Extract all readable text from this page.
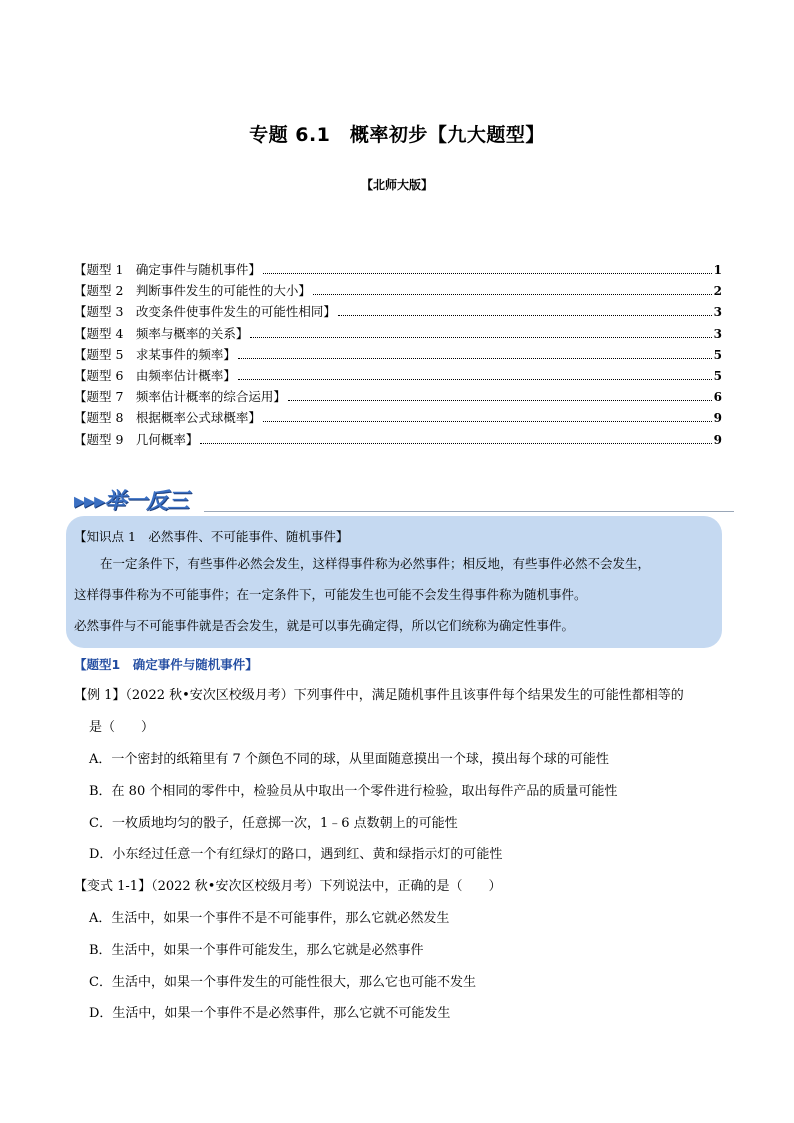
专题 6.1　概率初步【九大题型】
【北师大版】
【题型 1　确定事件与随机事件】	1
【题型 2　判断事件发生的可能性的大小】	2
【题型 3　改变条件使事件发生的可能性相同】	3
【题型 4　频率与概率的关系】	3
【题型 5　求某事件的频率】	5
【题型 6　由频率估计概率】	5
【题型 7　频率估计概率的综合运用】	6
【题型 8　根据概率公式球概率】	9
【题型 9　几何概率】	9
▸▸▸举一反三
【知识点 1　必然事件、不可能事件、随机事件】
在一定条件下，有些事件必然会发生，这样得事件称为必然事件；相反地，有些事件必然不会发生，
这样得事件称为不可能事件；在一定条件下，可能发生也可能不会发生得事件称为随机事件。
必然事件与不可能事件就是否会发生，就是可以事先确定得，所以它们统称为确定性事件。
【题型1　确定事件与随机事件】
【例 1】（2022 秋•安次区校级月考）下列事件中，满足随机事件且该事件每个结果发生的可能性都相等的
是（　　）
A．一个密封的纸箱里有 7 个颜色不同的球，从里面随意摸出一个球，摸出每个球的可能性
B．在 80 个相同的零件中，检验员从中取出一个零件进行检验，取出每件产品的质量可能性
C．一枚质地均匀的骰子，任意掷一次，1﹣6 点数朝上的可能性
D．小东经过任意一个有红绿灯的路口，遇到红、黄和绿指示灯的可能性
【变式 1-1】（2022 秋•安次区校级月考）下列说法中，正确的是（　　）
A．生活中，如果一个事件不是不可能事件，那么它就必然发生
B．生活中，如果一个事件可能发生，那么它就是必然事件
C．生活中，如果一个事件发生的可能性很大，那么它也可能不发生
D．生活中，如果一个事件不是必然事件，那么它就不可能发生
